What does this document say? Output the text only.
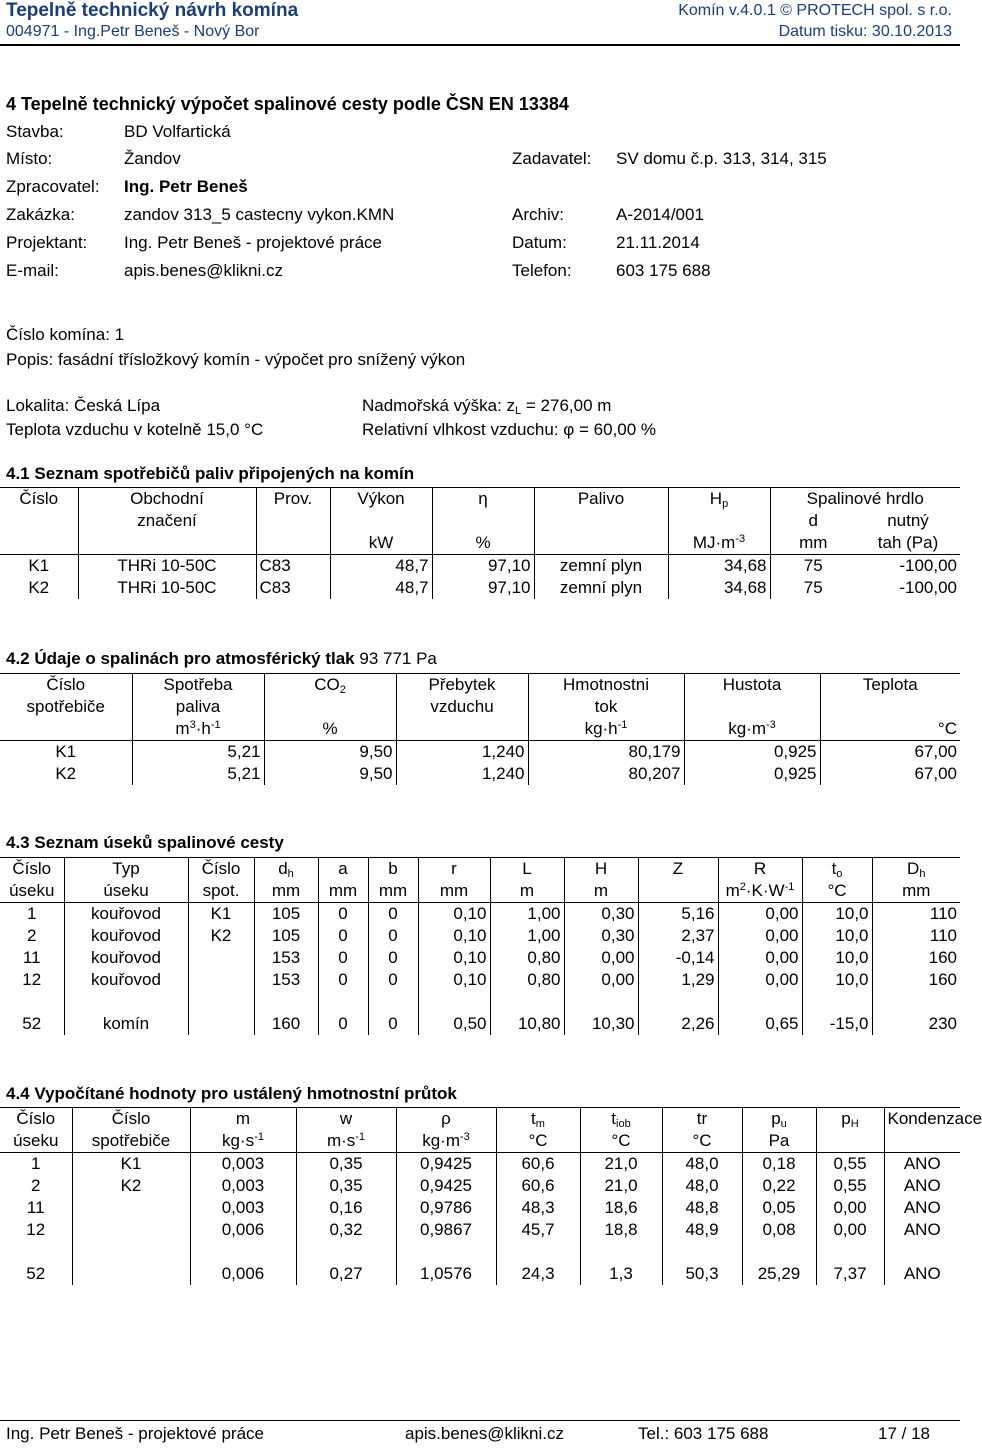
Tepelně technický návrh komína	Komín v.4.0.1 © PROTECH spol. s r.o.
004971 - Ing.Petr Beneš - Nový Bor	Datum tisku: 30.10.2013
4 Tepelně technický výpočet spalinové cesty podle ČSN EN 13384
Stavba:	BD Volfartická
Místo:	Žandov	Zadavatel: SV domu č.p. 313, 314, 315
Zpracovatel: Ing. Petr Beneš
Zakázka:	zandov 313_5 castecny vykon.KMN	Archiv:	A-2014/001
Projektant: Ing. Petr Beneš - projektové práce	Datum:	21.11.2014
E-mail:	apis.benes@klikni.cz	Telefon:	603 175 688
Číslo komína: 1
Popis: fasádní třísložkový komín - výpočet pro snížený výkon
Lokalita: Česká Lípa	Nadmořská výška: $z_L = 276,00$ m
Teplota vzduchu v kotelně 15,0 °C	Relativní vlhkost vzduchu: φ = 60,00 %
4.1 Seznam spotřebičů paliv připojených na komín
Číslo	Obchodní	Prov.	Výkon	η	Palivo	$H_p$	Spalinové hrdlo	
	značení						d	nutný
			kW	%		$MJ\cdot m^{-3}$	mm	tah (Pa)
K1	THRi 10-50C	C83	48,7	97,10	zemní plyn	34,68	75	-100,00
K2	THRi 10-50C	C83	48,7	97,10	zemní plyn	34,68	75	-100,00
4.2 Údaje o spalinách pro atmosférický tlak 93 771 Pa
Číslo	Spotřeba	$CO_2$	Přebytek	Hmotnostni	Hustota	Teplota
spotřebiče	paliva		vzduchu	tok		
	$m^3\cdot h^{-1}$	%		$kg\cdot h^{-1}$	$kg\cdot m^{-3}$	°C
K1	5,21	9,50	1,240	80,179	0,925	67,00
K2	5,21	9,50	1,240	80,207	0,925	67,00
4.3 Seznam úseků spalinové cesty
Číslo	Typ	Číslo	$d_h$	a	b	r	L	H	Z	R	$t_o$	$D_h$
úseku	úseku	spot.	mm	mm	mm	mm	m	m		$m^2\cdot K\cdot W^{-1}$	°C	mm
1	kouřovod	K1	105	0	0	0,10	1,00	0,30	5,16	0,00	10,0	110
2	kouřovod	K2	105	0	0	0,10	1,00	0,30	2,37	0,00	10,0	110
11	kouřovod		153	0	0	0,10	0,80	0,00	-0,14	0,00	10,0	160
12	kouřovod		153	0	0	0,10	0,80	0,00	1,29	0,00	10,0	160

52	komín		160	0	0	0,50	10,80	10,30	2,26	0,65	-15,0	230
4.4 Vypočítané hodnoty pro ustálený hmotnostní průtok
Číslo	Číslo	m	w	ρ	$t_m$	$t_{iob}$	tr	$p_u$	$p_H$	Kondenzace
úseku	spotřebiče	$kg\cdot s^{-1}$	$m\cdot s^{-1}$	$kg\cdot m^{-3}$	°C	°C	°C	Pa		
1	K1	0,003	0,35	0,9425	60,6	21,0	48,0	0,18	0,55	ANO
2	K2	0,003	0,35	0,9425	60,6	21,0	48,0	0,22	0,55	ANO
11		0,003	0,16	0,9786	48,3	18,6	48,8	0,05	0,00	ANO
12		0,006	0,32	0,9867	45,7	18,8	48,9	0,08	0,00	ANO

52		0,006	0,27	1,0576	24,3	1,3	50,3	25,29	7,37	ANO
Ing. Petr Beneš - projektové práce	apis.benes@klikni.cz	Tel.: 603 175 688	17 / 18
